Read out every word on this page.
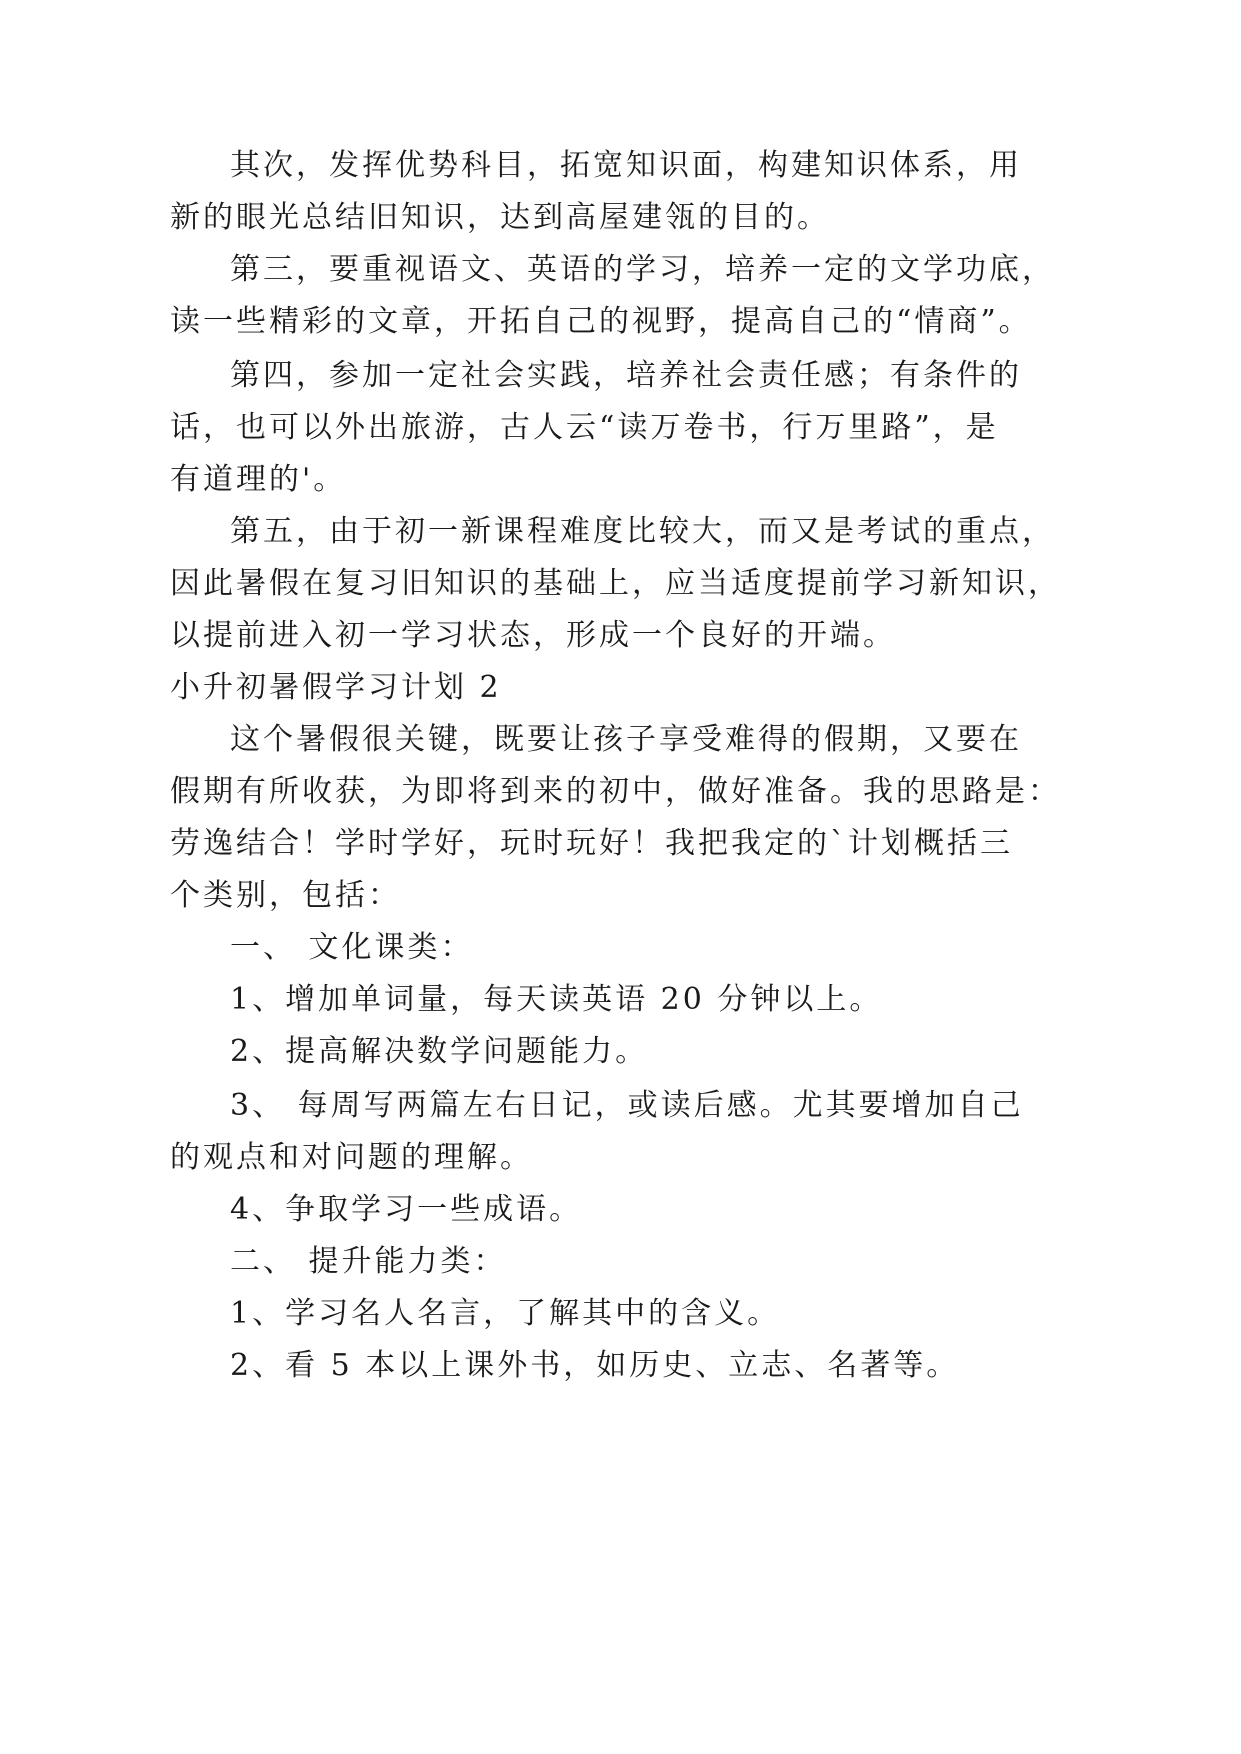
其次，发挥优势科目，拓宽知识面，构建知识体系，用
新的眼光总结旧知识，达到高屋建瓴的目的。
第三，要重视语文、英语的学习，培养一定的文学功底，
读一些精彩的文章，开拓自己的视野，提高自己的“情商”。
第四，参加一定社会实践，培养社会责任感；有条件的
话，也可以外出旅游，古人云“读万卷书，行万里路”，是
有道理的'。
第五，由于初一新课程难度比较大，而又是考试的重点，
因此暑假在复习旧知识的基础上，应当适度提前学习新知识，
以提前进入初一学习状态，形成一个良好的开端。
小升初暑假学习计划 2
这个暑假很关键，既要让孩子享受难得的假期，又要在
假期有所收获，为即将到来的初中，做好准备。我的思路是：
劳逸结合！学时学好，玩时玩好！我把我定的`计划概括三
个类别，包括：
一、 文化课类：
1、增加单词量，每天读英语 20 分钟以上。
2、提高解决数学问题能力。
3、 每周写两篇左右日记，或读后感。尤其要增加自己
的观点和对问题的理解。
4、争取学习一些成语。
二、 提升能力类：
1、学习名人名言，了解其中的含义。
2、看 5 本以上课外书，如历史、立志、名著等。
